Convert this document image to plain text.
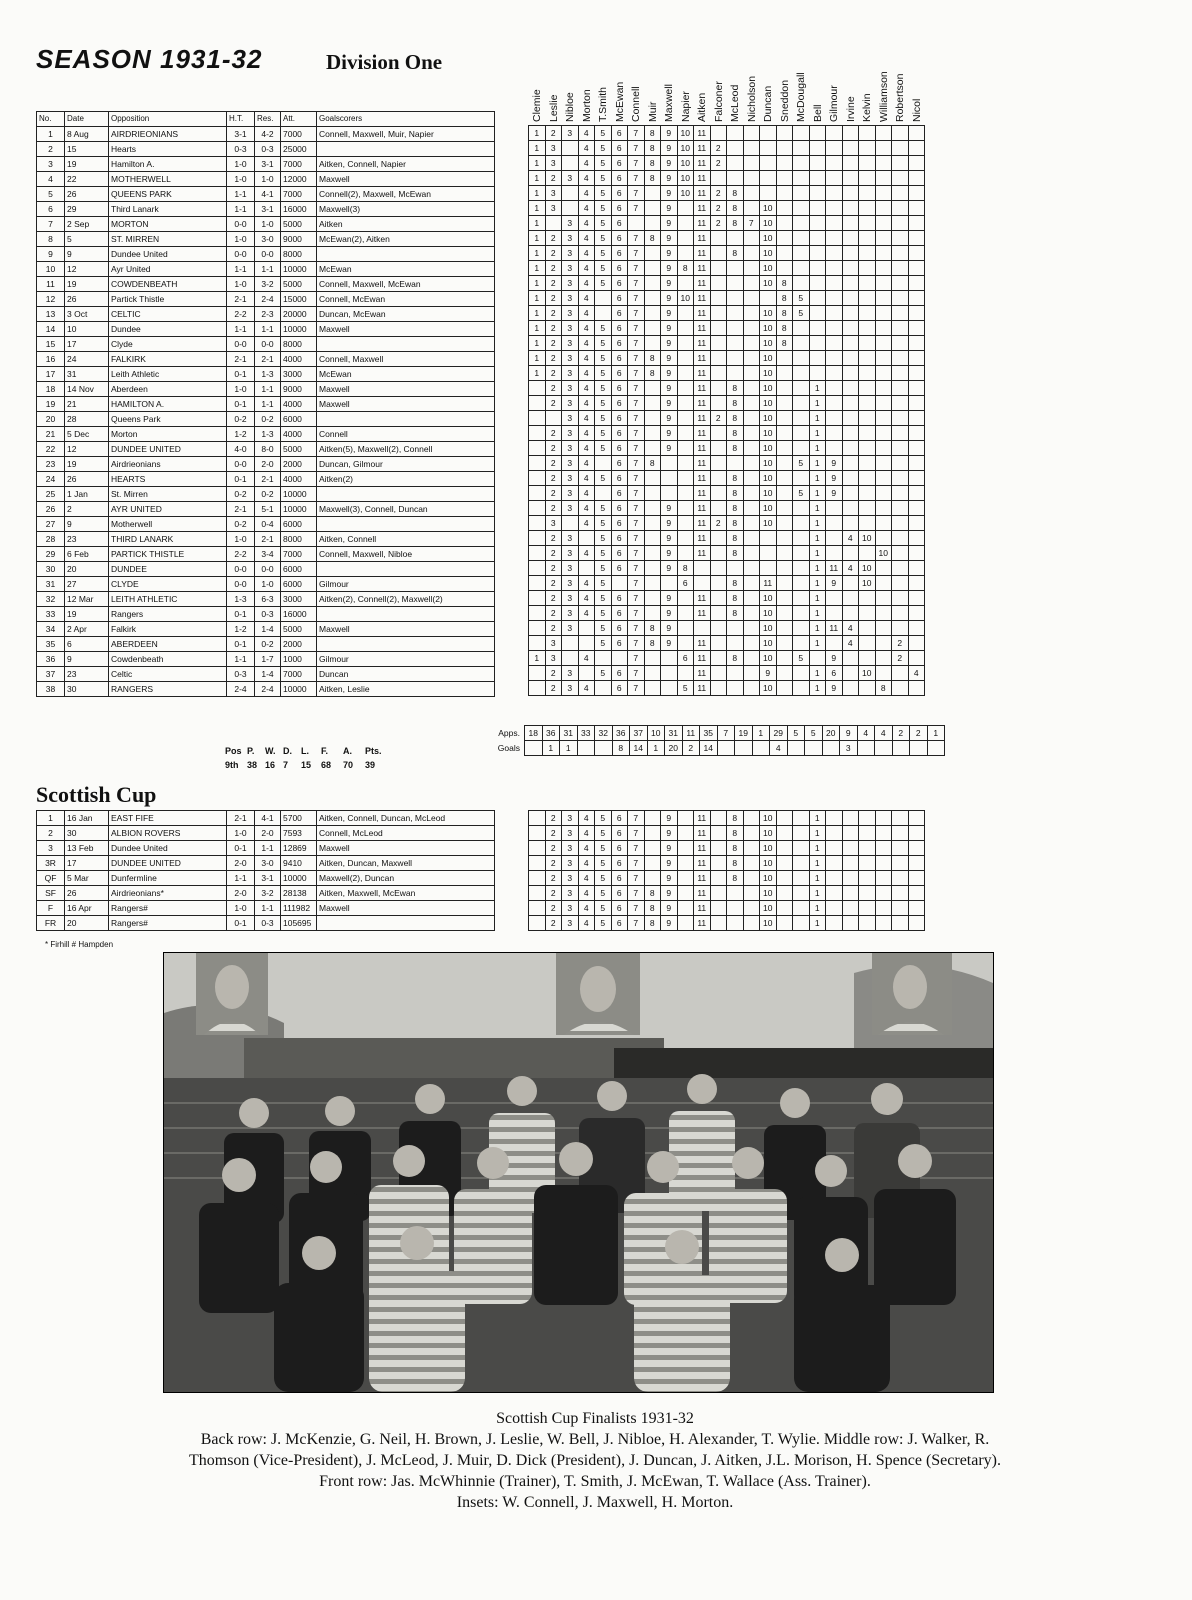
SEASON 1931-32	Division One
Clemie Leslie Nibloe Morton T.Smith McEwan Connell Muir Maxwell Napier Aitken Falconer McLeod Nicholson Duncan Sneddon McDougall Bell Gilmour Irvine Kelvin Williamson Robertson Nicol
No.	Date	Opposition	H.T.	Res.	Att.	Goalscorers
1	8 Aug	AIRDRIEONIANS	3-1	4-2	7000	Connell, Maxwell, Muir, Napier
2	15	Hearts	0-3	0-3	25000	
3	19	Hamilton A.	1-0	3-1	7000	Aitken, Connell, Napier
4	22	MOTHERWELL	1-0	1-0	12000	Maxwell
5	26	QUEENS PARK	1-1	4-1	7000	Connell(2), Maxwell, McEwan
6	29	Third Lanark	1-1	3-1	16000	Maxwell(3)
7	2 Sep	MORTON	0-0	1-0	5000	Aitken
8	5	ST. MIRREN	1-0	3-0	9000	McEwan(2), Aitken
9	9	Dundee United	0-0	0-0	8000	
10	12	Ayr United	1-1	1-1	10000	McEwan
11	19	COWDENBEATH	1-0	3-2	5000	Connell, Maxwell, McEwan
12	26	Partick Thistle	2-1	2-4	15000	Connell, McEwan
13	3 Oct	CELTIC	2-2	2-3	20000	Duncan, McEwan
14	10	Dundee	1-1	1-1	10000	Maxwell
15	17	Clyde	0-0	0-0	8000	
16	24	FALKIRK	2-1	2-1	4000	Connell, Maxwell
17	31	Leith Athletic	0-1	1-3	3000	McEwan
18	14 Nov	Aberdeen	1-0	1-1	9000	Maxwell
19	21	HAMILTON A.	0-1	1-1	4000	Maxwell
20	28	Queens Park	0-2	0-2	6000	
21	5 Dec	Morton	1-2	1-3	4000	Connell
22	12	DUNDEE UNITED	4-0	8-0	5000	Aitken(5), Maxwell(2), Connell
23	19	Airdrieonians	0-0	2-0	2000	Duncan, Gilmour
24	26	HEARTS	0-1	2-1	4000	Aitken(2)
25	1 Jan	St. Mirren	0-2	0-2	10000	
26	2	AYR UNITED	2-1	5-1	10000	Maxwell(3), Connell, Duncan
27	9	Motherwell	0-2	0-4	6000	
28	23	THIRD LANARK	1-0	2-1	8000	Aitken, Connell
29	6 Feb	PARTICK THISTLE	2-2	3-4	7000	Connell, Maxwell, Nibloe
30	20	DUNDEE	0-0	0-0	6000	
31	27	CLYDE	0-0	1-0	6000	Gilmour
32	12 Mar	LEITH ATHLETIC	1-3	6-3	3000	Aitken(2), Connell(2), Maxwell(2)
33	19	Rangers	0-1	0-3	16000	
34	2 Apr	Falkirk	1-2	1-4	5000	Maxwell
35	6	ABERDEEN	0-1	0-2	2000	
36	9	Cowdenbeath	1-1	1-7	1000	Gilmour
37	23	Celtic	0-3	1-4	7000	Duncan
38	30	RANGERS	2-4	2-4	10000	Aitken, Leslie
1	2	3	4	5	6	7	8	9	10	11													
1	3		4	5	6	7	8	9	10	11	2												
1	3		4	5	6	7	8	9	10	11	2												
1	2	3	4	5	6	7	8	9	10	11													
1	3		4	5	6	7		9	10	11	2	8											
1	3		4	5	6	7		9		11	2	8		10									
1		3	4	5	6			9		11	2	8	7	10									
1	2	3	4	5	6	7	8	9		11				10									
1	2	3	4	5	6	7		9		11		8		10									
1	2	3	4	5	6	7		9	8	11				10									
1	2	3	4	5	6	7		9		11				10	8								
1	2	3	4		6	7		9	10	11					8	5							
1	2	3	4		6	7		9		11				10	8	5							
1	2	3	4	5	6	7		9		11				10	8								
1	2	3	4	5	6	7		9		11				10	8								
1	2	3	4	5	6	7	8	9		11				10									
1	2	3	4	5	6	7	8	9		11				10									
	2	3	4	5	6	7		9		11		8		10			1						
	2	3	4	5	6	7		9		11		8		10			1						
		3	4	5	6	7		9		11	2	8		10			1						
	2	3	4	5	6	7		9		11		8		10			1						
	2	3	4	5	6	7		9		11		8		10			1						
	2	3	4		6	7	8			11				10		5	1	9					
	2	3	4	5	6	7				11		8		10			1	9					
	2	3	4		6	7				11		8		10		5	1	9					
	2	3	4	5	6	7		9		11		8		10			1						
	3		4	5	6	7		9		11	2	8		10			1						
	2	3		5	6	7		9		11		8					1		4	10			
	2	3	4	5	6	7		9		11		8					1				10		
	2	3		5	6	7		9	8								1	11	4	10			
	2	3	4	5		7			6			8		11			1	9		10			
	2	3	4	5	6	7		9		11		8		10			1						
	2	3	4	5	6	7		9		11		8		10			1						
	2	3		5	6	7	8	9						10			1	11	4				
	3			5	6	7	8	9		11				10			1		4			2	
1	3		4			7			6	11		8		10		5		9				2	
	2	3		5	6	7				11				9			1	6		10			4
	2	3	4		6	7			5	11				10			1	9			8		
Apps.	18	36	31	33	32	36	37	10	31	11	35	7	19	1	29	5	5	20	9	4	4	2	2	1
Goals		1	1			8	14	1	20	2	14				4				3					
Pos P. W. D. L. F. A. Pts.
9th 38 16 7 15 68 70 39
Scottish Cup
1	16 Jan	EAST FIFE	2-1	4-1	5700	Aitken, Connell, Duncan, McLeod
2	30	ALBION ROVERS	1-0	2-0	7593	Connell, McLeod
3	13 Feb	Dundee United	0-1	1-1	12869	Maxwell
3R	17	DUNDEE UNITED	2-0	3-0	9410	Aitken, Duncan, Maxwell
QF	5 Mar	Dunfermline	1-1	3-1	10000	Maxwell(2), Duncan
SF	26	Airdrieonians*	2-0	3-2	28138	Aitken, Maxwell, McEwan
F	16 Apr	Rangers#	1-0	1-1	111982	Maxwell
FR	20	Rangers#	0-1	0-3	105695	
	2	3	4	5	6	7		9		11		8		10			1						
	2	3	4	5	6	7		9		11		8		10			1						
	2	3	4	5	6	7		9		11		8		10			1						
	2	3	4	5	6	7		9		11		8		10			1						
	2	3	4	5	6	7		9		11		8		10			1						
	2	3	4	5	6	7	8	9		11				10			1						
	2	3	4	5	6	7	8	9		11				10			1						
	2	3	4	5	6	7	8	9		11				10			1						
* Firhill # Hampden
Scottish Cup Finalists 1931-32
Back row: J. McKenzie, G. Neil, H. Brown, J. Leslie, W. Bell, J. Nibloe, H. Alexander, T. Wylie. Middle row: J. Walker, R.
Thomson (Vice-President), J. McLeod, J. Muir, D. Dick (President), J. Duncan, J. Aitken, J.L. Morison, H. Spence (Secretary).
Front row: Jas. McWhinnie (Trainer), T. Smith, J. McEwan, T. Wallace (Ass. Trainer).
Insets: W. Connell, J. Maxwell, H. Morton.
